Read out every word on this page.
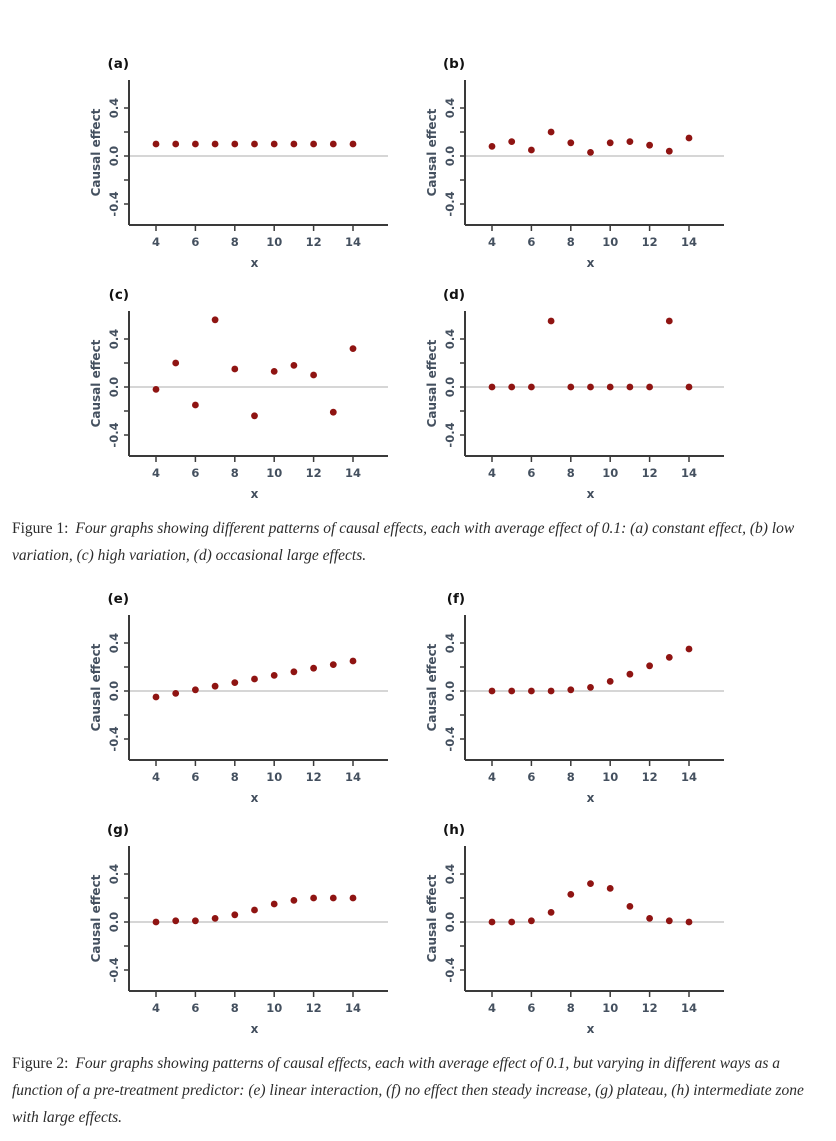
(a)
-0.4
0.0
0.4
Causal effect
4	6	8 10 12 14
x
(b)
-0.4
0.0
0.4
Causal effect
4	6	8 10 12 14
x
(c)
-0.4
0.0
0.4
Causal effect
4	6	8 10 12 14
x
(d)
-0.4
0.0
0.4
Causal effect
4	6	8 10 12 14
x

Figure 1: Four graphs showing different patterns of causal effects, each with average effect of 0.1: (a) constant effect, (b) low variation, (c) high variation, (d) occasional large effects.

(e)
-0.4
0.0
0.4
Causal effect
4	6	8 10 12 14
x
(f)
-0.4
0.0
0.4
Causal effect
4	6	8 10 12 14
x
(g)
-0.4
0.0
0.4
Causal effect
4	6	8 10 12 14
x
(h)
-0.4
0.0
0.4
Causal effect
4	6	8 10 12 14
x

Figure 2: Four graphs showing patterns of causal effects, each with average effect of 0.1, but varying in different ways as a function of a pre-treatment predictor: (e) linear interaction, (f) no effect then steady increase, (g) plateau, (h) intermediate zone with large effects.
